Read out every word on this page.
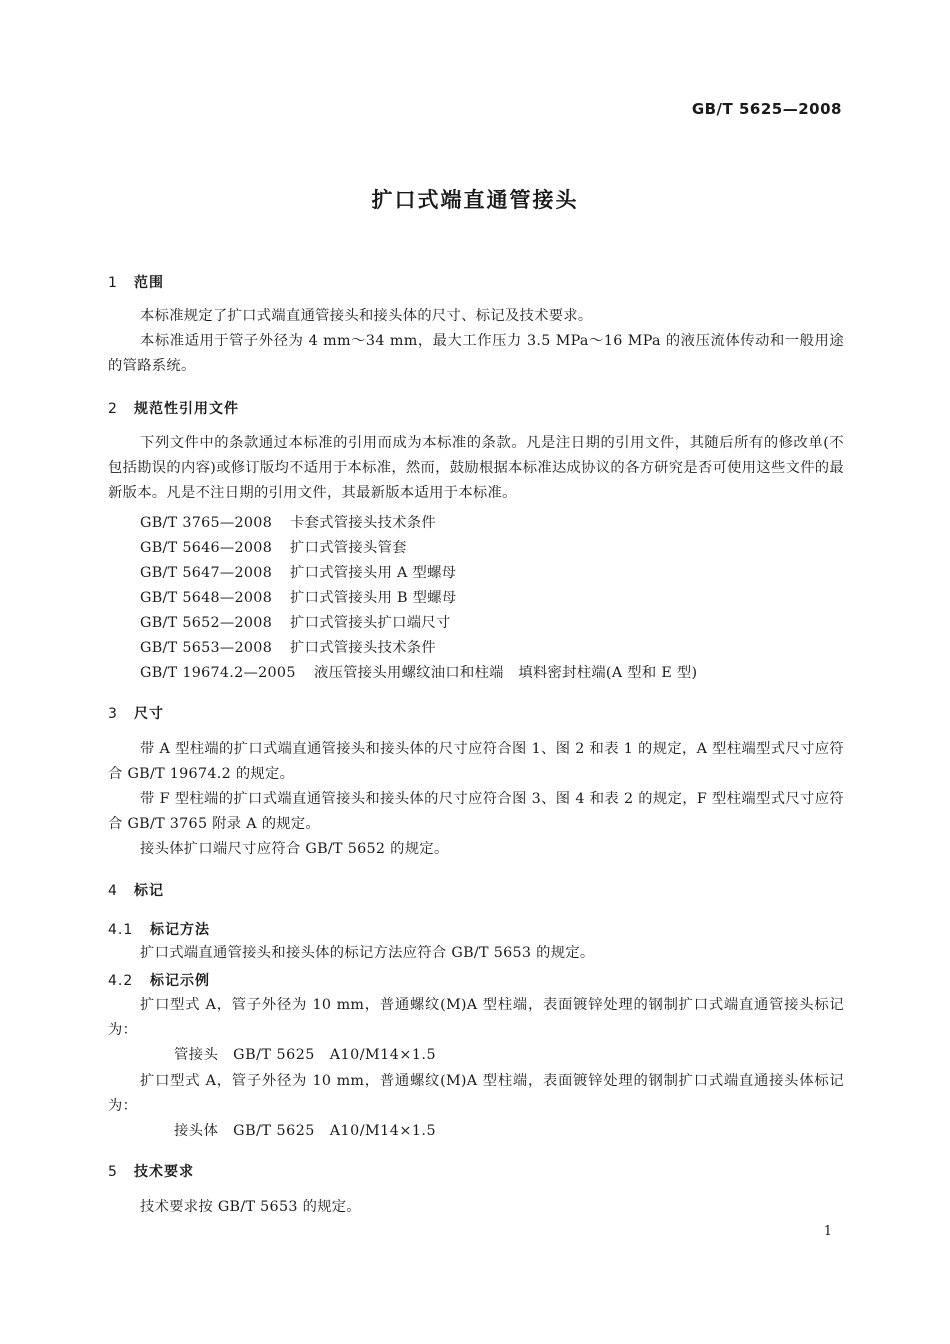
GB/T 5625—2008
扩口式端直通管接头
1 范围

本标准规定了扩口式端直通管接头和接头体的尺寸、标记及技术要求。

本标准适用于管子外径为 4 mm～34 mm，最大工作压力 3.5 MPa～16 MPa 的液压流体传动和一般用途的管路系统。

2 规范性引用文件

下列文件中的条款通过本标准的引用而成为本标准的条款。凡是注日期的引用文件，其随后所有的修改单(不包括勘误的内容)或修订版均不适用于本标准，然而，鼓励根据本标准达成协议的各方研究是否可使用这些文件的最新版本。凡是不注日期的引用文件，其最新版本适用于本标准。

GB/T 3765—2008 卡套式管接头技术条件
GB/T 5646—2008 扩口式管接头管套
GB/T 5647—2008 扩口式管接头用 A 型螺母
GB/T 5648—2008 扩口式管接头用 B 型螺母
GB/T 5652—2008 扩口式管接头扩口端尺寸
GB/T 5653—2008 扩口式管接头技术条件
GB/T 19674.2—2005 液压管接头用螺纹油口和柱端　填料密封柱端(A 型和 E 型)
3 尺寸

带 A 型柱端的扩口式端直通管接头和接头体的尺寸应符合图 1、图 2 和表 1 的规定，A 型柱端型式尺寸应符合 GB/T 19674.2 的规定。

带 F 型柱端的扩口式端直通管接头和接头体的尺寸应符合图 3、图 4 和表 2 的规定，F 型柱端型式尺寸应符合 GB/T 3765 附录 A 的规定。

接头体扩口端尺寸应符合 GB/T 5652 的规定。

4 标记
4.1 标记方法

扩口式端直通管接头和接头体的标记方法应符合 GB/T 5653 的规定。

4.2 标记示例

扩口型式 A，管子外径为 10 mm，普通螺纹(M)A 型柱端，表面镀锌处理的钢制扩口式端直通管接头标记为：

管接头　GB/T 5625　A10/M14×1.5

扩口型式 A，管子外径为 10 mm，普通螺纹(M)A 型柱端，表面镀锌处理的钢制扩口式端直通接头体标记为：

接头体　GB/T 5625　A10/M14×1.5
5 技术要求

技术要求按 GB/T 5653 的规定。

1
